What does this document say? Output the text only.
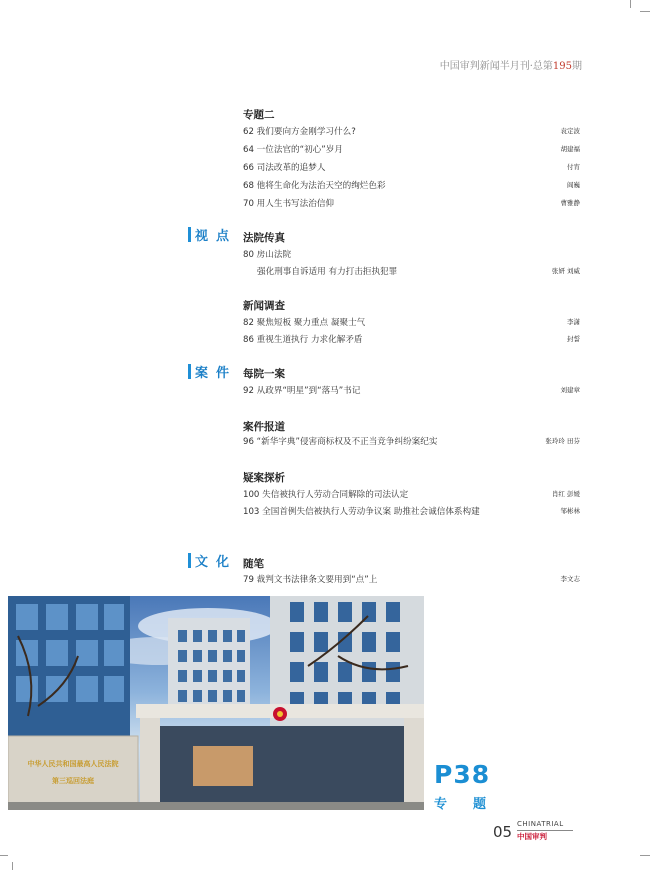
中国审判新闻半月刊·总第195期
专题二
62 我们要向方金刚学习什么?	袁定波
64 一位法官的“初心”岁月	胡建福
66 司法改革的追梦人	付宵
68 他将生命化为法治天空的绚烂色彩	阎巍
70 用人生书写法治信仰	曹雅静
视点 法院传真
80 房山法院
强化刑事自诉适用 有力打击拒执犯罪	张妍 刘威
新闻调查
82 聚焦短板 聚力重点 凝聚士气	李潇
86 重视生道执行 力求化解矛盾	封誓
案件 每院一案
92 从政界“明星”到“落马”书记	刘建章
案件报道
96 “新华字典”侵害商标权及不正当竞争纠纷案纪实	张玲玲 田芬
疑案探析
100 失信被执行人劳动合同解除的司法认定	肖红 彭媛
103 全国首例失信被执行人劳动争议案 助推社会诚信体系构建	邹彬林
文化 随笔
79 裁判文书法律条文要用到“点”上	李文志
中华人民共和国最高人民法院
第三巡回法庭	P38
专题
05 CHINATRIAL
中国审判
